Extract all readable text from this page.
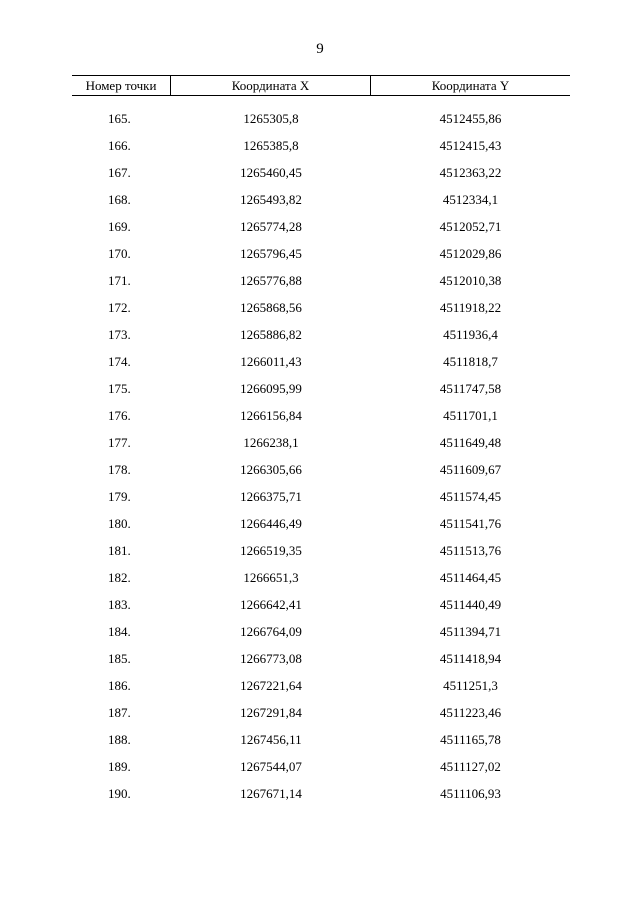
9
Номер точки	Координата X	Координата Y
165.	1265305,8	4512455,86
166.	1265385,8	4512415,43
167.	1265460,45	4512363,22
168.	1265493,82	4512334,1
169.	1265774,28	4512052,71
170.	1265796,45	4512029,86
171.	1265776,88	4512010,38
172.	1265868,56	4511918,22
173.	1265886,82	4511936,4
174.	1266011,43	4511818,7
175.	1266095,99	4511747,58
176.	1266156,84	4511701,1
177.	1266238,1	4511649,48
178.	1266305,66	4511609,67
179.	1266375,71	4511574,45
180.	1266446,49	4511541,76
181.	1266519,35	4511513,76
182.	1266651,3	4511464,45
183.	1266642,41	4511440,49
184.	1266764,09	4511394,71
185.	1266773,08	4511418,94
186.	1267221,64	4511251,3
187.	1267291,84	4511223,46
188.	1267456,11	4511165,78
189.	1267544,07	4511127,02
190.	1267671,14	4511106,93
